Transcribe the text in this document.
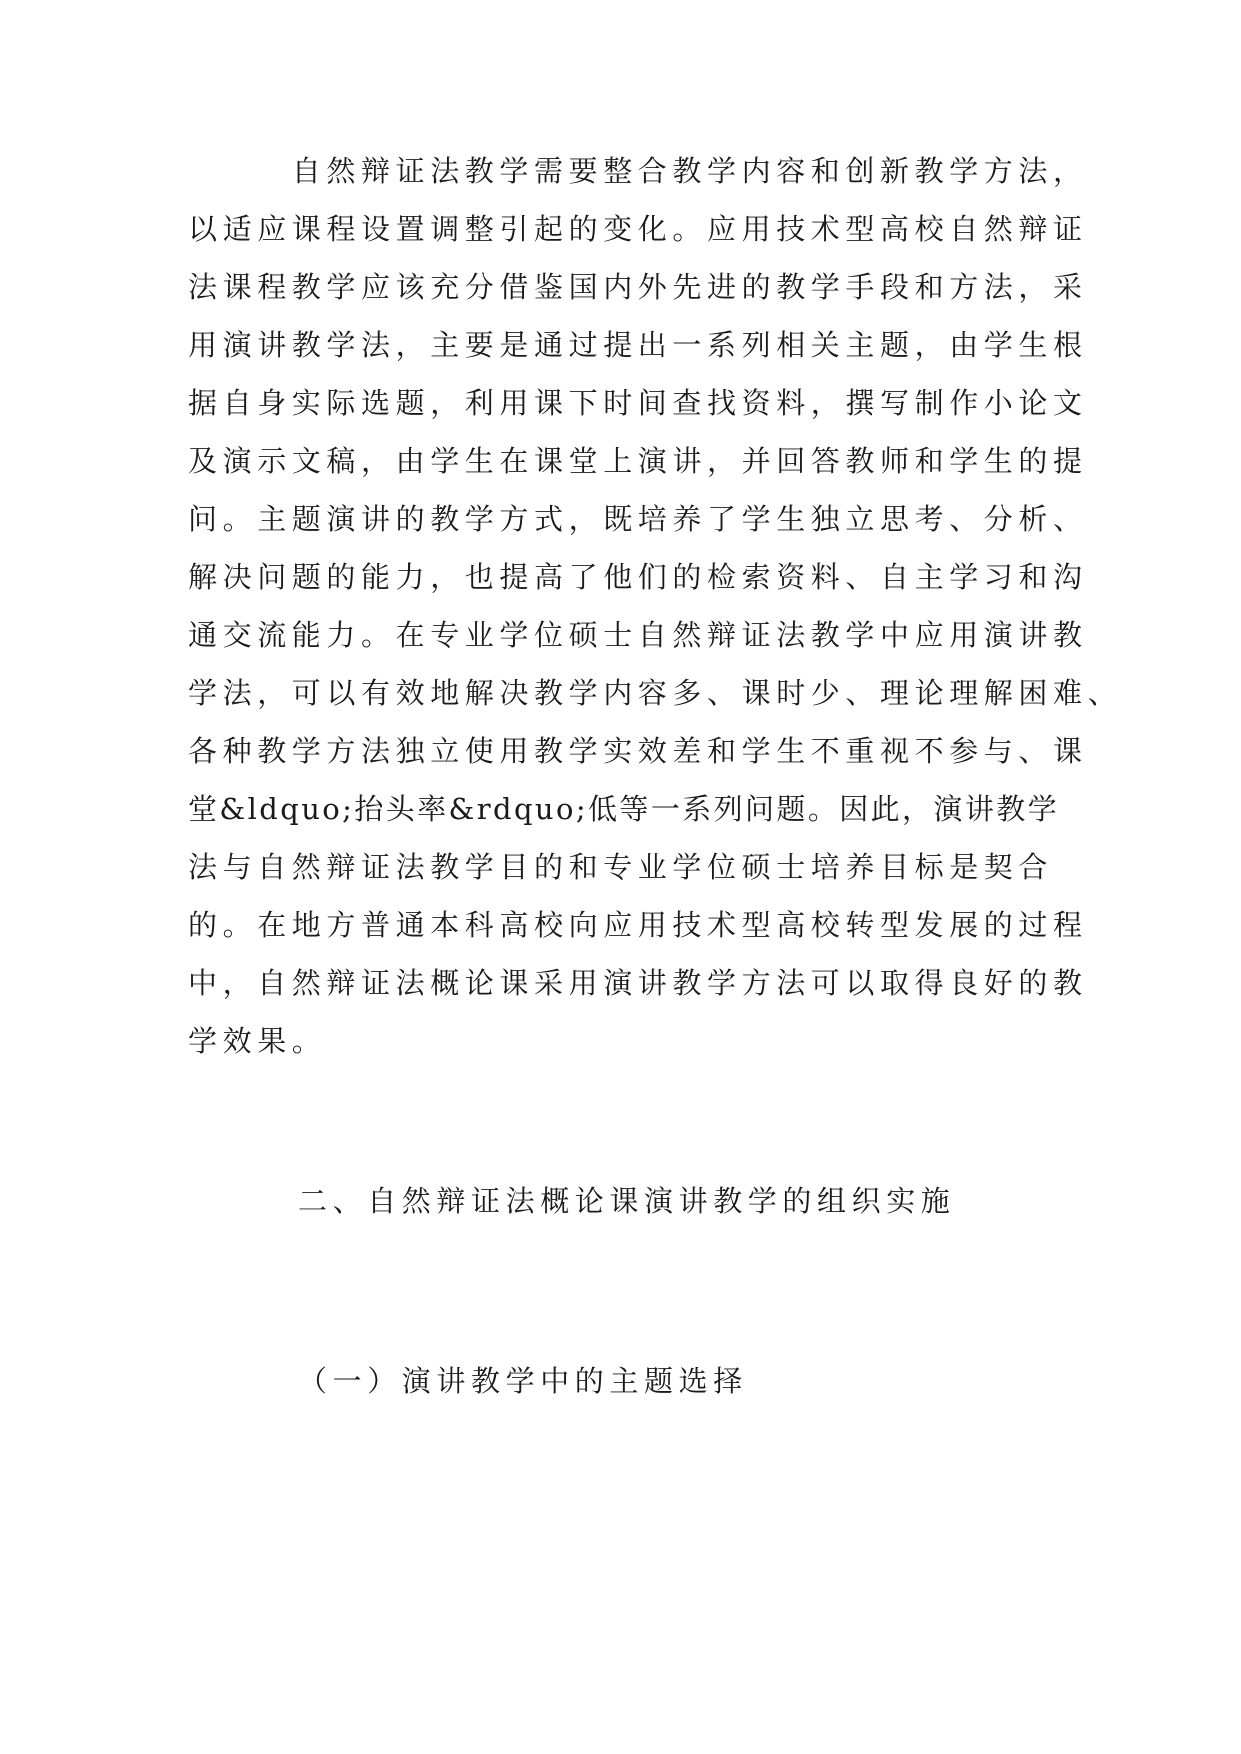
　　　自然辩证法教学需要整合教学内容和创新教学方法，
以适应课程设置调整引起的变化。应用技术型高校自然辩证
法课程教学应该充分借鉴国内外先进的教学手段和方法，采
用演讲教学法，主要是通过提出一系列相关主题，由学生根
据自身实际选题，利用课下时间查找资料，撰写制作小论文
及演示文稿，由学生在课堂上演讲，并回答教师和学生的提
问。主题演讲的教学方式，既培养了学生独立思考、分析、
解决问题的能力，也提高了他们的检索资料、自主学习和沟
通交流能力。在专业学位硕士自然辩证法教学中应用演讲教
学法，可以有效地解决教学内容多、课时少、理论理解困难、
各种教学方法独立使用教学实效差和学生不重视不参与、课
堂&ldquo;抬头率&rdquo;低等一系列问题。因此，演讲教学
法与自然辩证法教学目的和专业学位硕士培养目标是契合
的。在地方普通本科高校向应用技术型高校转型发展的过程
中，自然辩证法概论课采用演讲教学方法可以取得良好的教
学效果。
二、自然辩证法概论课演讲教学的组织实施
（一）演讲教学中的主题选择
